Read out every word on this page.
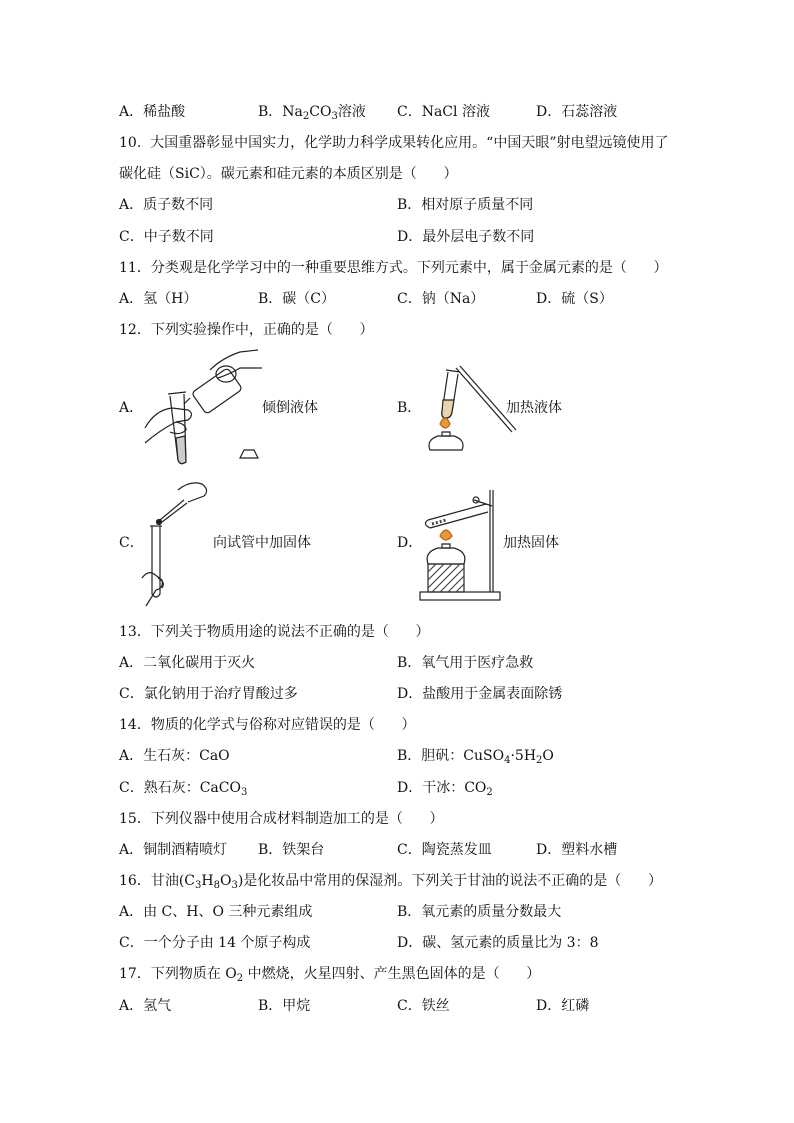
A．稀盐酸	B．$Na_2CO_3$溶液 C．NaCl 溶液	D．石蕊溶液
10.  大国重器彰显中国实力，化学助力科学成果转化应用。“中国天眼”射电望远镜使用了
碳化硅（SiC）。碳元素和硅元素的本质区别是（      ）
A．质子数不同	B．相对原子质量不同
C．中子数不同	D．最外层电子数不同
11．分类观是化学学习中的一种重要思维方式。下列元素中，属于金属元素的是（      ）
A．氢（H）	B．碳（C）	C．钠（Na）	D．硫（S）
12．下列实验操作中，正确的是（      ）
A．	倾倒液体	B．	加热液体
C．	向试管中加固体	D．	加热固体
13．下列关于物质用途的说法不正确的是（      ）
A．二氧化碳用于灭火	B．氧气用于医疗急救
C．氯化钠用于治疗胃酸过多	D．盐酸用于金属表面除锈
14．物质的化学式与俗称对应错误的是（      ）
A．生石灰：CaO	B．胆矾：$CuSO_4\cdot 5H_2O$
C．熟石灰：CaCO$_3$	D．干冰：$CO_2$
15．下列仪器中使用合成材料制造加工的是（      ）
A．铜制酒精喷灯 B．铁架台	C．陶瓷蒸发皿	D．塑料水槽
16．甘油$(C_3H_8O_3)$是化妆品中常用的保湿剂。下列关于甘油的说法不正确的是（      ）
A．由 C、H、O 三种元素组成	B．氧元素的质量分数最大
C．一个分子由 14 个原子构成	D．碳、氢元素的质量比为 3：8
17．下列物质在 $O_2$ 中燃烧，火星四射、产生黑色固体的是（      ）
A．氢气	B．甲烷	C．铁丝	D．红磷
